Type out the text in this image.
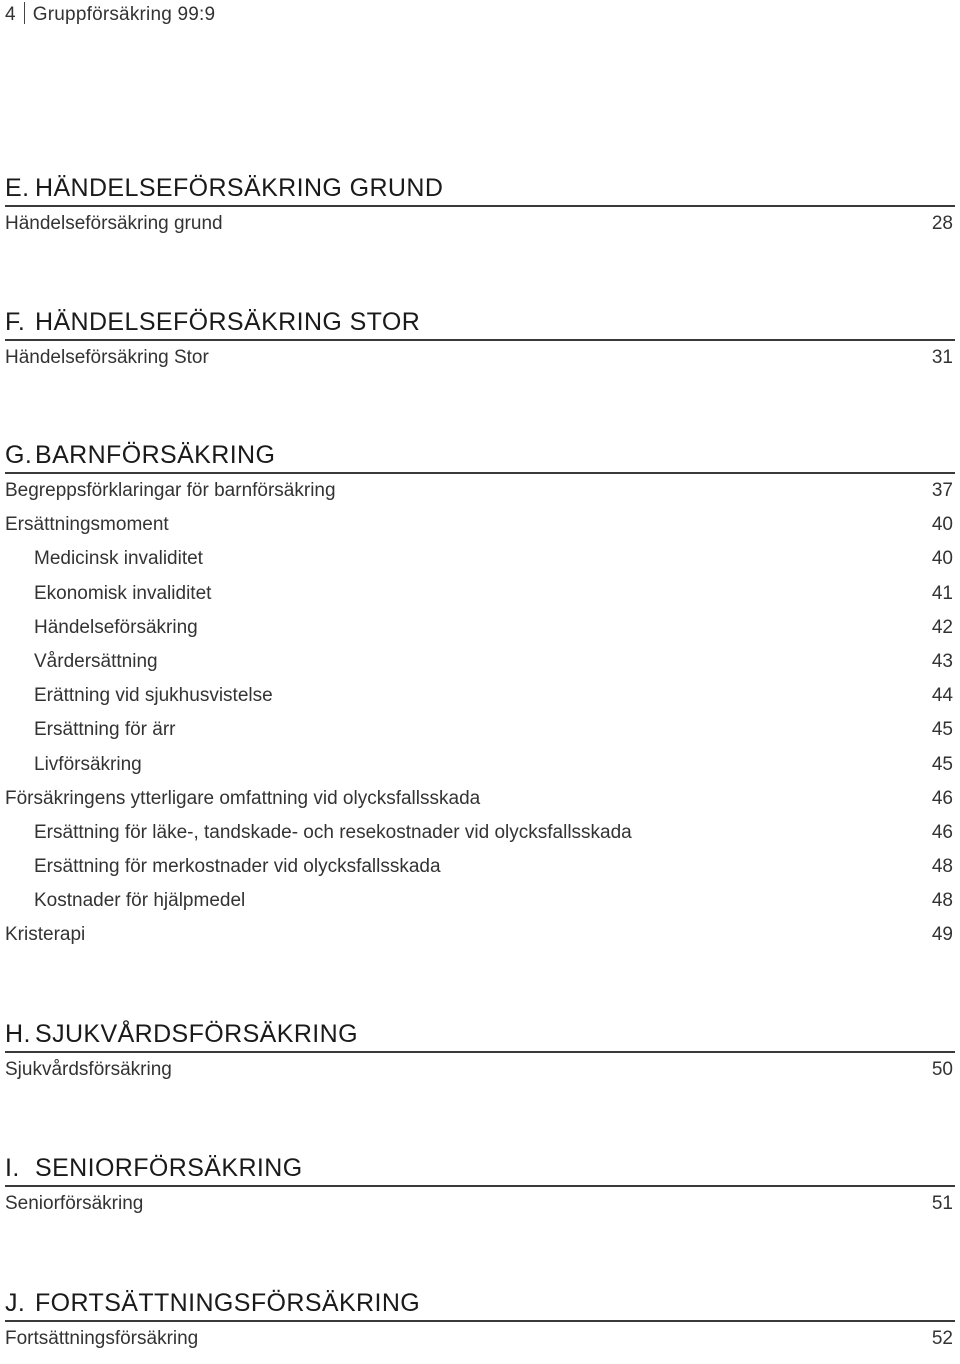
4 Gruppförsäkring 99:9
E. HÄNDELSEFÖRSÄKRING GRUND
Händelseförsäkring grund	28
F. HÄNDELSEFÖRSÄKRING STOR
Händelseförsäkring Stor	31
G. BARNFÖRSÄKRING
Begreppsförklaringar för barnförsäkring	37
Ersättningsmoment	40
Medicinsk invaliditet	40
Ekonomisk invaliditet	41
Händelseförsäkring	42
Vårdersättning	43
Erättning vid sjukhusvistelse	44
Ersättning för ärr	45
Livförsäkring	45
Försäkringens ytterligare omfattning vid olycksfallsskada	46
Ersättning för läke-, tandskade- och resekostnader vid olycksfallsskada	46
Ersättning för merkostnader vid olycksfallsskada	48
Kostnader för hjälpmedel	48
Kristerapi	49
H. SJUKVÅRDSFÖRSÄKRING
Sjukvårdsförsäkring	50
I. SENIORFÖRSÄKRING
Seniorförsäkring	51
J. FORTSÄTTNINGSFÖRSÄKRING
Fortsättningsförsäkring	52
